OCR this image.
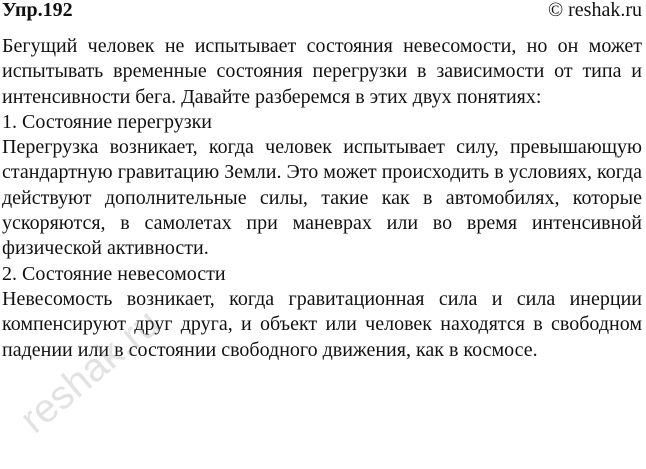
Упр.192	© reshak.ru

Бегущий человек не испытывает состояния невесомости, но он может испытывать временные состояния перегрузки в зависимости от типа и интенсивности бега. Давайте разберемся в этих двух понятиях:

1. Состояние перегрузки

Перегрузка возникает, когда человек испытывает силу, превышающую стандартную гравитацию Земли. Это может происходить в условиях, когда действуют дополнительные силы, такие как в автомобилях, которые ускоряются, в самолетах при маневрах или во время интенсивной физической активности.

2. Состояние невесомости

Невесомость возникает, когда гравитационная сила и сила инерции компенсируют друг друга, и объект или человек находятся в свободном падении или в состоянии свободного движения, как в космосе.

reshak.ru
